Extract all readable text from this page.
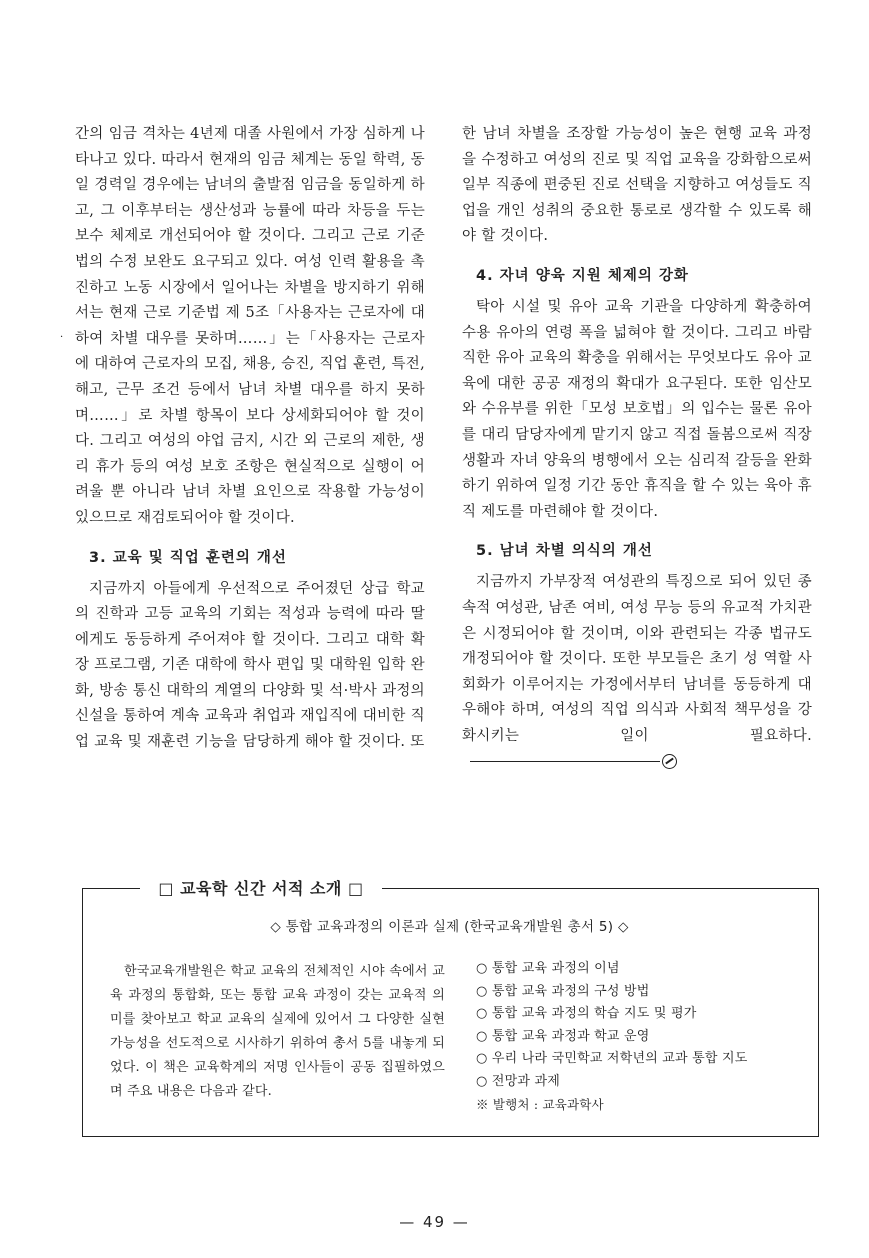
·

간의 임금 격차는 4년제 대졸 사원에서 가장 심하게 나타나고 있다. 따라서 현재의 임금 체계는 동일 학력, 동일 경력일 경우에는 남녀의 출발점 임금을 동일하게 하고, 그 이후부터는 생산성과 능률에 따라 차등을 두는 보수 체제로 개선되어야 할 것이다. 그리고 근로 기준법의 수정 보완도 요구되고 있다. 여성 인력 활용을 촉진하고 노동 시장에서 일어나는 차별을 방지하기 위해서는 현재 근로 기준법 제 5조「사용자는 근로자에 대하여 차별 대우를 못하며……」는「사용자는 근로자에 대하여 근로자의 모집, 채용, 승진, 직업 훈련, 특전, 해고, 근무 조건 등에서 남녀 차별 대우를 하지 못하며……」로 차별 항목이 보다 상세화되어야 할 것이다. 그리고 여성의 야업 금지, 시간 외 근로의 제한, 생리 휴가 등의 여성 보호 조항은 현실적으로 실행이 어려울 뿐 아니라 남녀 차별 요인으로 작용할 가능성이 있으므로 재검토되어야 할 것이다.

3. 교육 및 직업 훈련의 개선

지금까지 아들에게 우선적으로 주어졌던 상급 학교의 진학과 고등 교육의 기회는 적성과 능력에 따라 딸에게도 동등하게 주어져야 할 것이다. 그리고 대학 확장 프로그램, 기존 대학에 학사 편입 및 대학원 입학 완화, 방송 통신 대학의 계열의 다양화 및 석·박사 과정의 신설을 통하여 계속 교육과 취업과 재입직에 대비한 직업 교육 및 재훈련 기능을 담당하게 해야 할 것이다. 또

한 남녀 차별을 조장할 가능성이 높은 현행 교육 과정을 수정하고 여성의 진로 및 직업 교육을 강화함으로써 일부 직종에 편중된 진로 선택을 지향하고 여성들도 직업을 개인 성취의 중요한 통로로 생각할 수 있도록 해야 할 것이다.

4. 자녀 양육 지원 체제의 강화

탁아 시설 및 유아 교육 기관을 다양하게 확충하여 수용 유아의 연령 폭을 넓혀야 할 것이다. 그리고 바람직한 유아 교육의 확충을 위해서는 무엇보다도 유아 교육에 대한 공공 재정의 확대가 요구된다. 또한 임산모와 수유부를 위한「모성 보호법」의 입수는 물론 유아를 대리 담당자에게 맡기지 않고 직접 돌봄으로써 직장 생활과 자녀 양육의 병행에서 오는 심리적 갈등을 완화하기 위하여 일정 기간 동안 휴직을 할 수 있는 육아 휴직 제도를 마련해야 할 것이다.

5. 남녀 차별 의식의 개선

지금까지 가부장적 여성관의 특징으로 되어 있던 종속적 여성관, 남존 여비, 여성 무능 등의 유교적 가치관은 시정되어야 할 것이며, 이와 관련되는 각종 법규도 개정되어야 할 것이다. 또한 부모들은 초기 성 역할 사회화가 이루어지는 가정에서부터 남녀를 동등하게 대우해야 하며, 여성의 직업 의식과 사회적 책무성을 강화시키는 일이 필요하다.

□ 교육학 신간 서적 소개 □
◇ 통합 교육과정의 이론과 실제 (한국교육개발원 총서 5) ◇

한국교육개발원은 학교 교육의 전체적인 시야 속에서 교육 과정의 통합화, 또는 통합 교육 과정이 갖는 교육적 의미를 찾아보고 학교 교육의 실제에 있어서 그 다양한 실현 가능성을 선도적으로 시사하기 위하여 총서 5를 내놓게 되었다. 이 책은 교육학계의 저명 인사들이 공동 집필하였으며 주요 내용은 다음과 같다.

○ 통합 교육 과정의 이념
○ 통합 교육 과정의 구성 방법
○ 통합 교육 과정의 학습 지도 및 평가
○ 통합 교육 과정과 학교 운영
○ 우리 나라 국민학교 저학년의 교과 통합 지도
○ 전망과 과제
※ 발행처 : 교육과학사
— 49 —
